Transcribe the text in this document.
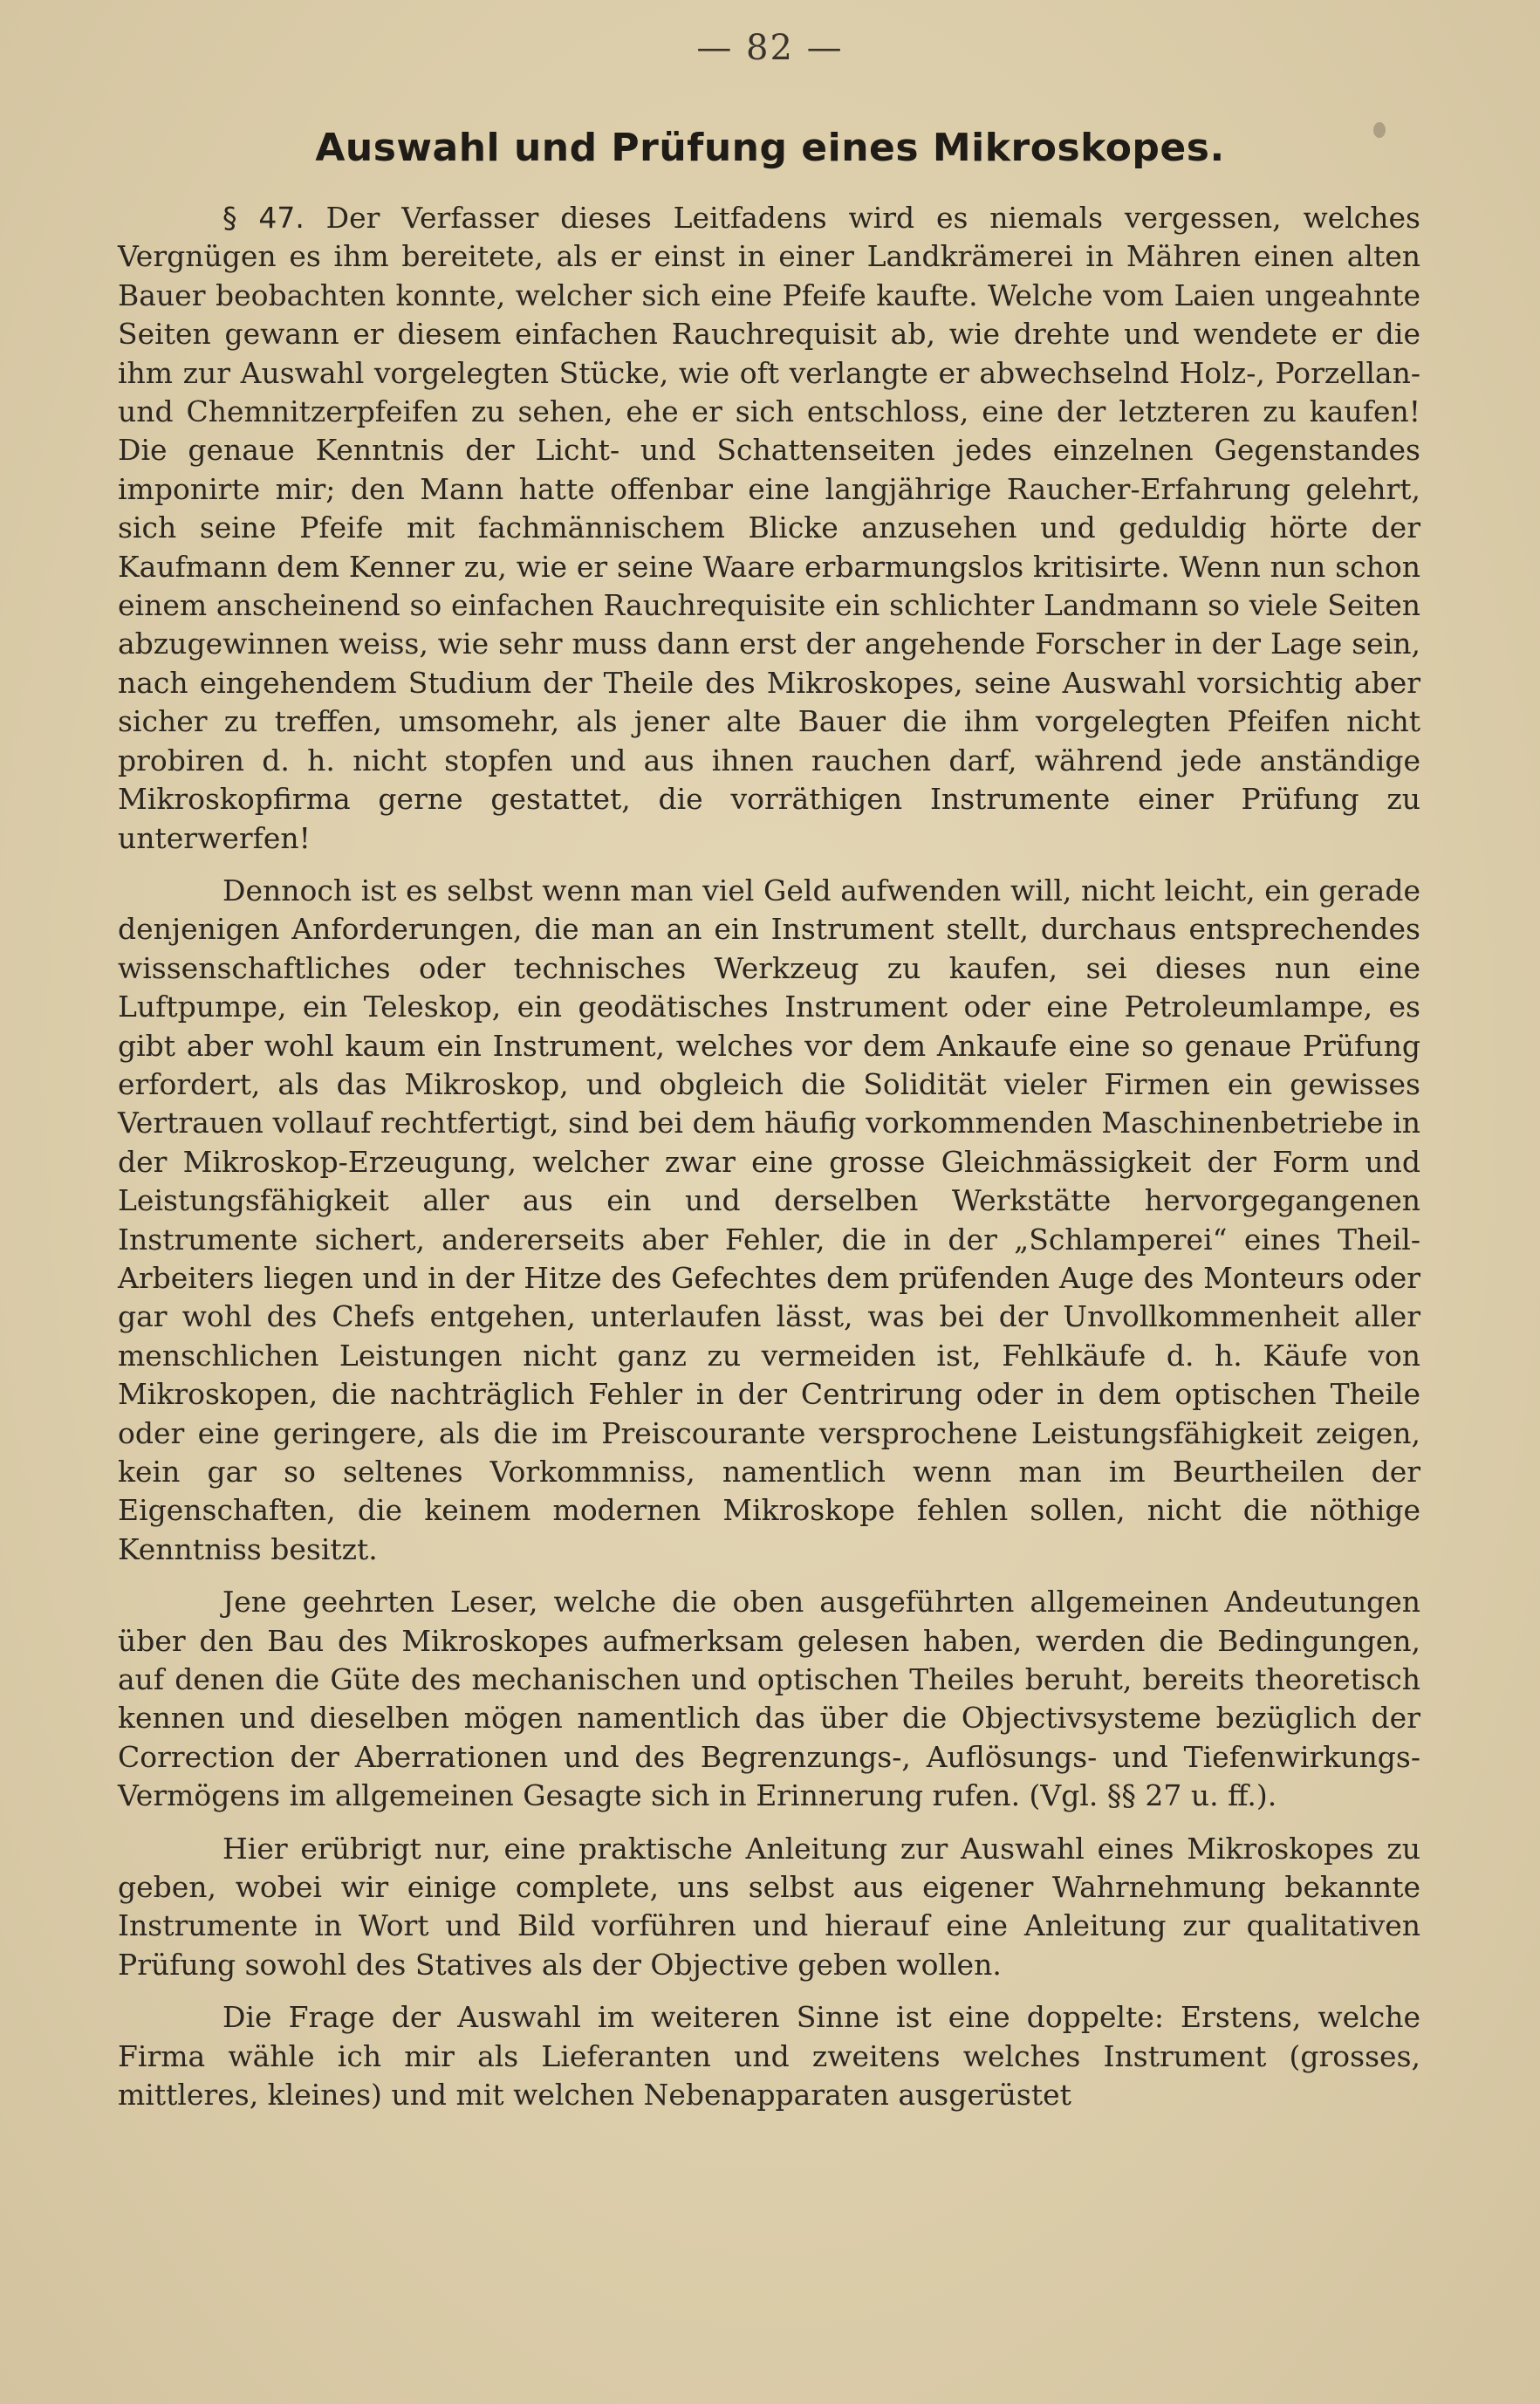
— 82 —
Auswahl und Prüfung eines Mikroskopes.

§ 47. Der Verfasser dieses Leitfadens wird es niemals vergessen, welches Vergnügen es ihm bereitete, als er einst in einer Landkrämerei in Mähren einen alten Bauer beobachten konnte, welcher sich eine Pfeife kaufte. Welche vom Laien ungeahnte Seiten gewann er diesem einfachen Rauchrequisit ab, wie drehte und wendete er die ihm zur Auswahl vorgelegten Stücke, wie oft verlangte er abwechselnd Holz-, Porzellan- und Chemnitzerpfeifen zu sehen, ehe er sich entschloss, eine der letzteren zu kaufen! Die genaue Kenntnis der Licht- und Schattenseiten jedes einzelnen Gegenstandes imponirte mir; den Mann hatte offenbar eine langjährige Raucher-Erfahrung gelehrt, sich seine Pfeife mit fachmännischem Blicke anzusehen und geduldig hörte der Kaufmann dem Kenner zu, wie er seine Waare erbarmungslos kritisirte. Wenn nun schon einem anscheinend so einfachen Rauchrequisite ein schlichter Landmann so viele Seiten abzugewinnen weiss, wie sehr muss dann erst der angehende Forscher in der Lage sein, nach eingehendem Studium der Theile des Mikroskopes, seine Auswahl vorsichtig aber sicher zu treffen, umsomehr, als jener alte Bauer die ihm vorgelegten Pfeifen nicht probiren d. h. nicht stopfen und aus ihnen rauchen darf, während jede anständige Mikroskopfirma gerne gestattet, die vorräthigen Instrumente einer Prüfung zu unterwerfen!

Dennoch ist es selbst wenn man viel Geld aufwenden will, nicht leicht, ein gerade denjenigen Anforderungen, die man an ein Instrument stellt, durchaus entsprechendes wissenschaftliches oder technisches Werkzeug zu kaufen, sei dieses nun eine Luftpumpe, ein Teleskop, ein geodätisches Instrument oder eine Petroleumlampe, es gibt aber wohl kaum ein Instrument, welches vor dem Ankaufe eine so genaue Prüfung erfordert, als das Mikroskop, und obgleich die Solidität vieler Firmen ein gewisses Vertrauen vollauf rechtfertigt, sind bei dem häufig vorkommenden Maschinenbetriebe in der Mikroskop-Erzeugung, welcher zwar eine grosse Gleichmässigkeit der Form und Leistungsfähigkeit aller aus ein und derselben Werkstätte hervorgegangenen Instrumente sichert, andererseits aber Fehler, die in der „Schlamperei“ eines Theil-Arbeiters liegen und in der Hitze des Gefechtes dem prüfenden Auge des Monteurs oder gar wohl des Chefs entgehen, unterlaufen lässt, was bei der Unvollkommenheit aller menschlichen Leistungen nicht ganz zu vermeiden ist, Fehlkäufe d. h. Käufe von Mikroskopen, die nachträglich Fehler in der Centrirung oder in dem optischen Theile oder eine geringere, als die im Preiscourante versprochene Leistungsfähigkeit zeigen, kein gar so seltenes Vorkommniss, namentlich wenn man im Beurtheilen der Eigenschaften, die keinem modernen Mikroskope fehlen sollen, nicht die nöthige Kenntniss besitzt.

Jene geehrten Leser, welche die oben ausgeführten allgemeinen Andeutungen über den Bau des Mikroskopes aufmerksam gelesen haben, werden die Bedingungen, auf denen die Güte des mechanischen und optischen Theiles beruht, bereits theoretisch kennen und dieselben mögen namentlich das über die Objectivsysteme bezüglich der Correction der Aberrationen und des Begrenzungs-, Auflösungs- und Tiefenwirkungs-Vermögens im allgemeinen Gesagte sich in Erinnerung rufen. (Vgl. §§ 27 u. ff.).

Hier erübrigt nur, eine praktische Anleitung zur Auswahl eines Mikroskopes zu geben, wobei wir einige complete, uns selbst aus eigener Wahrnehmung bekannte Instrumente in Wort und Bild vorführen und hierauf eine Anleitung zur qualitativen Prüfung sowohl des Statives als der Objective geben wollen.

Die Frage der Auswahl im weiteren Sinne ist eine doppelte: Erstens, welche Firma wähle ich mir als Lieferanten und zweitens welches Instrument (grosses, mittleres, kleines) und mit welchen Nebenapparaten ausgerüstet
